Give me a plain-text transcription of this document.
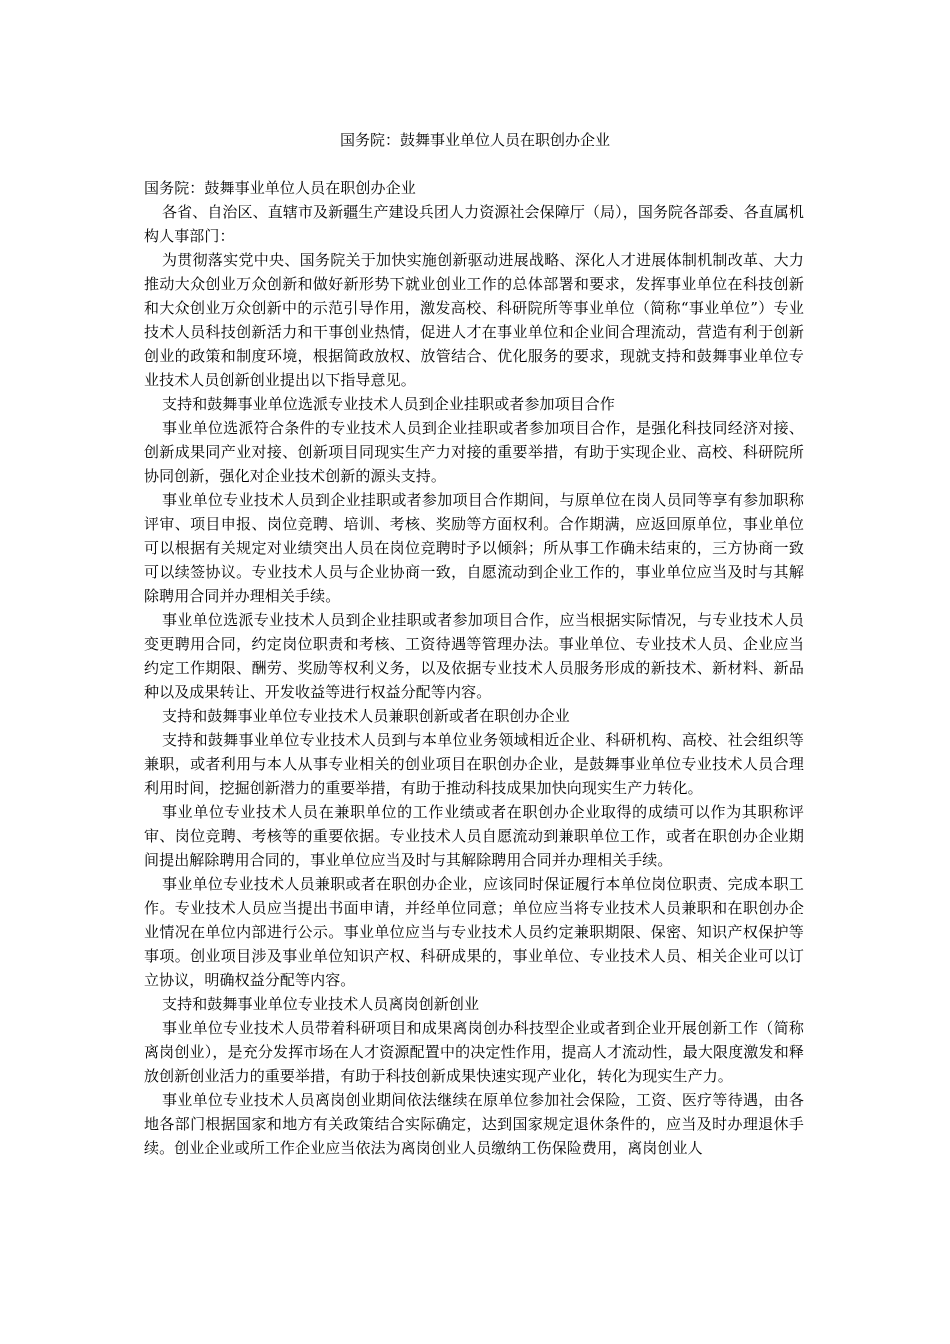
国务院：鼓舞事业单位人员在职创办企业

国务院：鼓舞事业单位人员在职创办企业

各省、自治区、直辖市及新疆生产建设兵团人力资源社会保障厅（局），国务院各部委、各直属机构人事部门：

为贯彻落实党中央、国务院关于加快实施创新驱动进展战略、深化人才进展体制机制改革、大力推动大众创业万众创新和做好新形势下就业创业工作的总体部署和要求，发挥事业单位在科技创新和大众创业万众创新中的示范引导作用，激发高校、科研院所等事业单位（简称“事业单位”）专业技术人员科技创新活力和干事创业热情，促进人才在事业单位和企业间合理流动，营造有利于创新创业的政策和制度环境，根据简政放权、放管结合、优化服务的要求，现就支持和鼓舞事业单位专业技术人员创新创业提出以下指导意见。

支持和鼓舞事业单位选派专业技术人员到企业挂职或者参加项目合作

事业单位选派符合条件的专业技术人员到企业挂职或者参加项目合作，是强化科技同经济对接、创新成果同产业对接、创新项目同现实生产力对接的重要举措，有助于实现企业、高校、科研院所协同创新，强化对企业技术创新的源头支持。

事业单位专业技术人员到企业挂职或者参加项目合作期间，与原单位在岗人员同等享有参加职称评审、项目申报、岗位竞聘、培训、考核、奖励等方面权利。合作期满，应返回原单位，事业单位可以根据有关规定对业绩突出人员在岗位竞聘时予以倾斜；所从事工作确未结束的，三方协商一致可以续签协议。专业技术人员与企业协商一致，自愿流动到企业工作的，事业单位应当及时与其解除聘用合同并办理相关手续。

事业单位选派专业技术人员到企业挂职或者参加项目合作，应当根据实际情况，与专业技术人员变更聘用合同，约定岗位职责和考核、工资待遇等管理办法。事业单位、专业技术人员、企业应当约定工作期限、酬劳、奖励等权利义务，以及依据专业技术人员服务形成的新技术、新材料、新品种以及成果转让、开发收益等进行权益分配等内容。

支持和鼓舞事业单位专业技术人员兼职创新或者在职创办企业

支持和鼓舞事业单位专业技术人员到与本单位业务领域相近企业、科研机构、高校、社会组织等兼职，或者利用与本人从事专业相关的创业项目在职创办企业，是鼓舞事业单位专业技术人员合理利用时间，挖掘创新潜力的重要举措，有助于推动科技成果加快向现实生产力转化。

事业单位专业技术人员在兼职单位的工作业绩或者在职创办企业取得的成绩可以作为其职称评审、岗位竞聘、考核等的重要依据。专业技术人员自愿流动到兼职单位工作，或者在职创办企业期间提出解除聘用合同的，事业单位应当及时与其解除聘用合同并办理相关手续。

事业单位专业技术人员兼职或者在职创办企业，应该同时保证履行本单位岗位职责、完成本职工作。专业技术人员应当提出书面申请，并经单位同意；单位应当将专业技术人员兼职和在职创办企业情况在单位内部进行公示。事业单位应当与专业技术人员约定兼职期限、保密、知识产权保护等事项。创业项目涉及事业单位知识产权、科研成果的，事业单位、专业技术人员、相关企业可以订立协议，明确权益分配等内容。

支持和鼓舞事业单位专业技术人员离岗创新创业

事业单位专业技术人员带着科研项目和成果离岗创办科技型企业或者到企业开展创新工作（简称离岗创业），是充分发挥市场在人才资源配置中的决定性作用，提高人才流动性，最大限度激发和释放创新创业活力的重要举措，有助于科技创新成果快速实现产业化，转化为现实生产力。

事业单位专业技术人员离岗创业期间依法继续在原单位参加社会保险，工资、医疗等待遇，由各地各部门根据国家和地方有关政策结合实际确定，达到国家规定退休条件的，应当及时办理退休手续。创业企业或所工作企业应当依法为离岗创业人员缴纳工伤保险费用，离岗创业人
